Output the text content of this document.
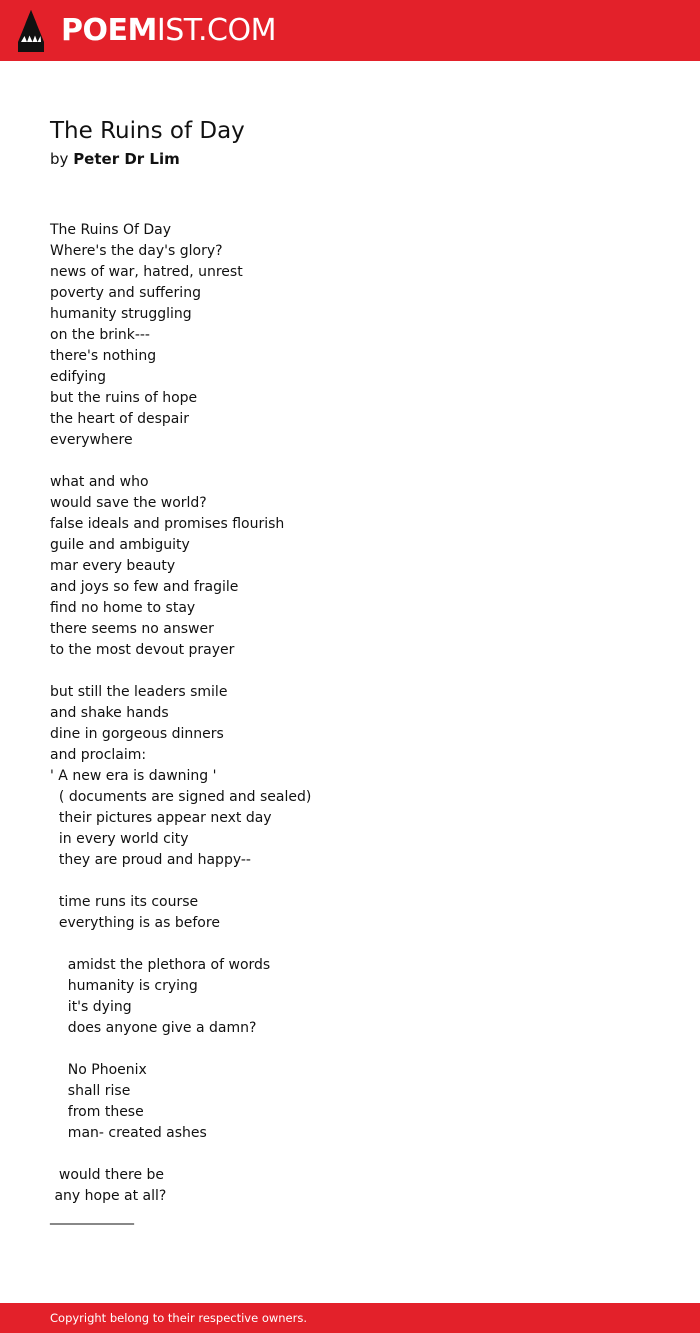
POEMIST.COM
The Ruins of Day
by Peter Dr Lim
The Ruins Of Day
Where's the day's glory?
news of war, hatred, unrest
poverty and suffering
humanity struggling
on the brink---
there's nothing
edifying
but the ruins of hope
the heart of despair
everywhere
what and who
would save the world?
false ideals and promises flourish
guile and ambiguity
mar every beauty
and joys so few and fragile
find no home to stay
there seems no answer
to the most devout prayer
but still the leaders smile
and shake hands
dine in gorgeous dinners
and proclaim:
' A new era is dawning '
( documents are signed and sealed)
their pictures appear next day
in every world city
they are proud and happy--
time runs its course
everything is as before
amidst the plethora of words
humanity is crying
it's dying
does anyone give a damn?
No Phoenix
shall rise
from these
man- created ashes
would there be
any hope at all?
____________
Copyright belong to their respective owners.
